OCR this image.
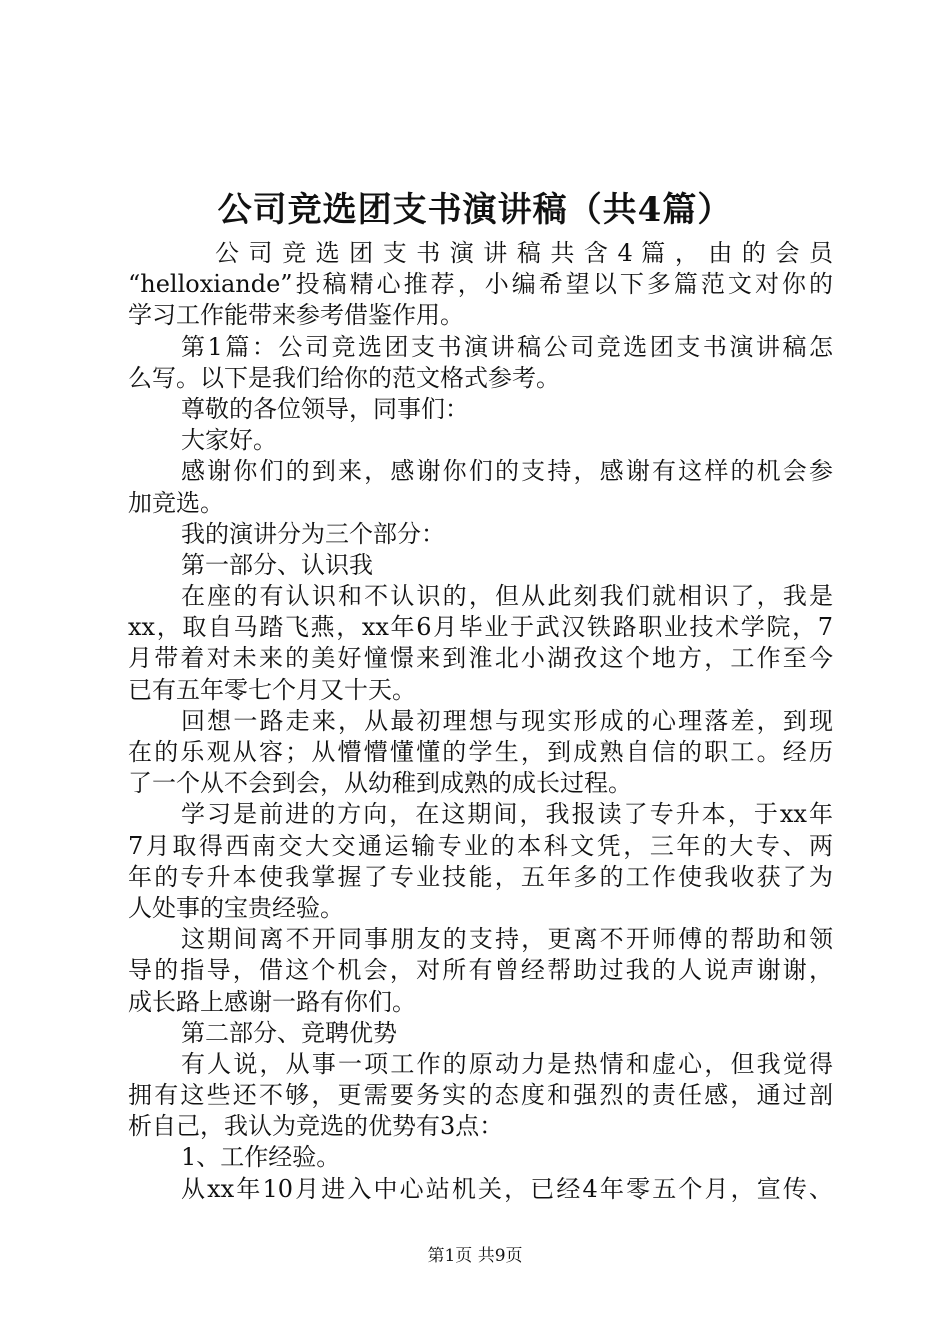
公司竞选团支书演讲稿（共4篇）
公 司 竞 选 团 支 书 演 讲 稿 共 含 4 篇 ， 由 的 会 员
“helloxiande”投稿精心推荐，小编希望以下多篇范文对你的
学习工作能带来参考借鉴作用。
第1篇：公司竞选团支书演讲稿公司竞选团支书演讲稿怎
么写。以下是我们给你的范文格式参考。
尊敬的各位领导，同事们：
大家好。
感谢你们的到来，感谢你们的支持，感谢有这样的机会参
加竞选。
我的演讲分为三个部分：
第一部分、认识我
在座的有认识和不认识的，但从此刻我们就相识了，我是
xx，取自马踏飞燕，xx年6月毕业于武汉铁路职业技术学院，7
月带着对未来的美好憧憬来到淮北小湖孜这个地方，工作至今
已有五年零七个月又十天。
回想一路走来，从最初理想与现实形成的心理落差，到现
在的乐观从容；从懵懵懂懂的学生，到成熟自信的职工。经历
了一个从不会到会，从幼稚到成熟的成长过程。
学习是前进的方向，在这期间，我报读了专升本，于xx年
7月取得西南交大交通运输专业的本科文凭，三年的大专、两
年的专升本使我掌握了专业技能，五年多的工作使我收获了为
人处事的宝贵经验。
这期间离不开同事朋友的支持，更离不开师傅的帮助和领
导的指导，借这个机会，对所有曾经帮助过我的人说声谢谢，
成长路上感谢一路有你们。
第二部分、竞聘优势
有人说，从事一项工作的原动力是热情和虚心，但我觉得
拥有这些还不够，更需要务实的态度和强烈的责任感，通过剖
析自己，我认为竞选的优势有3点：
1、工作经验。
从xx年10月进入中心站机关，已经4年零五个月，宣传、
第1页 共9页
